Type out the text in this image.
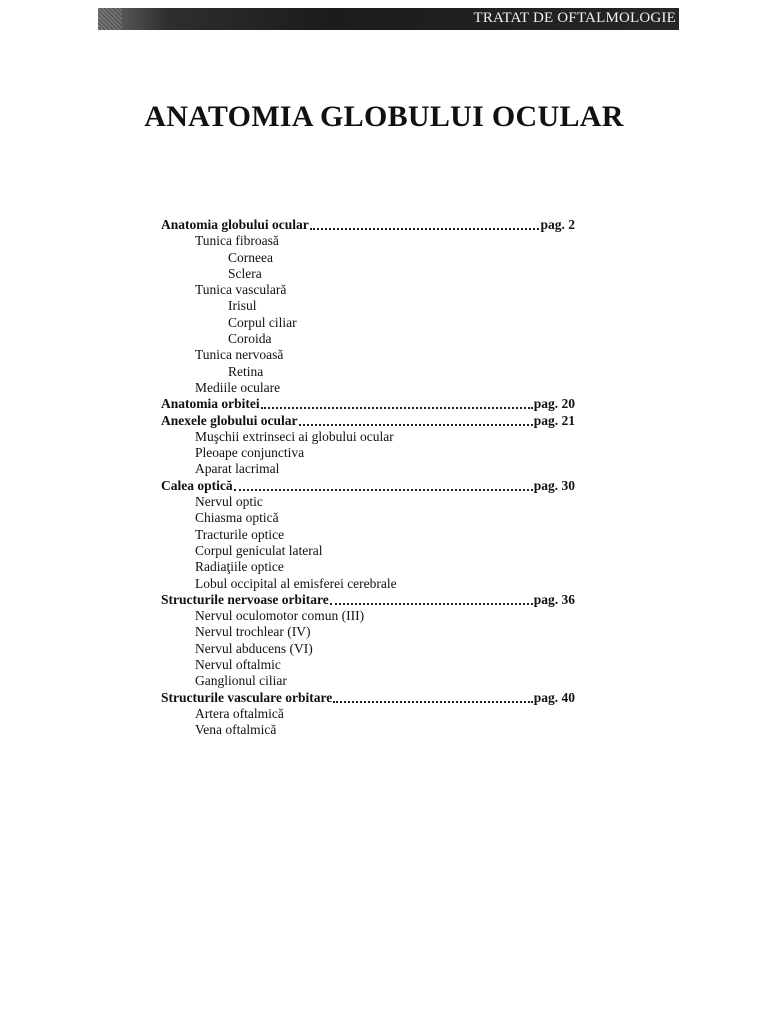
TRATAT DE OFTALMOLOGIE
ANATOMIA GLOBULUI OCULAR
Anatomia globului ocular	pag. 2
Tunica fibroasă
Corneea
Sclera
Tunica vasculară
Irisul
Corpul ciliar
Coroida
Tunica nervoasă
Retina
Mediile oculare
Anatomia orbitei	pag. 20
Anexele globului ocular	pag. 21
Muşchii extrinseci ai globului ocular
Pleoape conjunctiva
Aparat lacrimal
Calea optică	pag. 30
Nervul optic
Chiasma optică
Tracturile optice
Corpul geniculat lateral
Radiaţiile optice
Lobul occipital al emisferei cerebrale
Structurile nervoase orbitare	pag. 36
Nervul oculomotor comun (III)
Nervul trochlear (IV)
Nervul abducens (VI)
Nervul oftalmic
Ganglionul ciliar
Structurile vasculare orbitare	pag. 40
Artera oftalmică
Vena oftalmică
